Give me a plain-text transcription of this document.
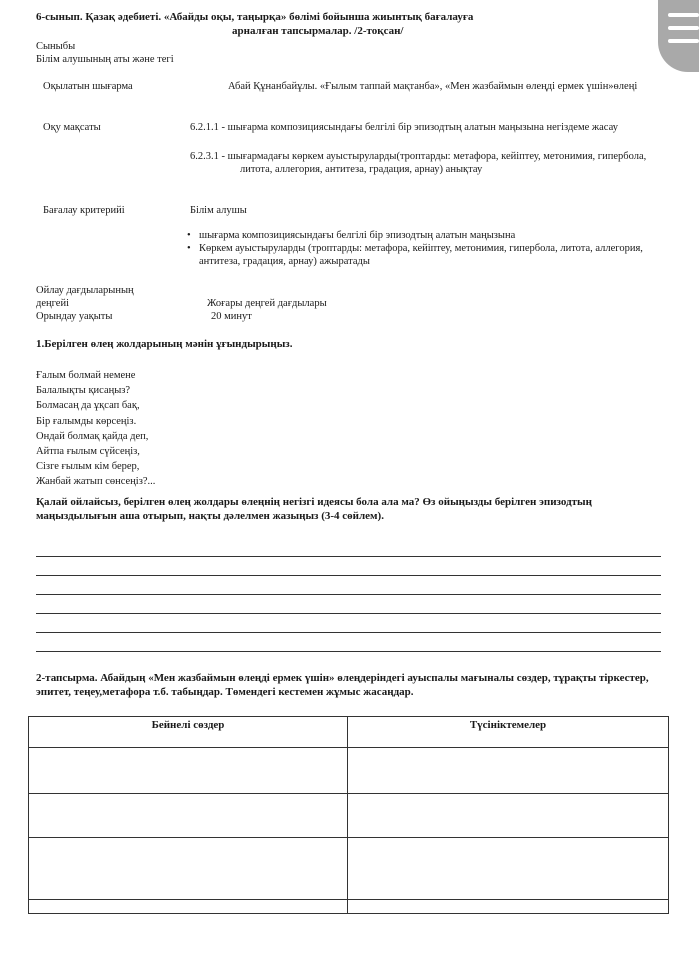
6-сынып. Қазақ әдебиеті. «Абайды оқы, таңырқа» бөлімі бойынша жиынтық бағалауға
арналған тапсырмалар. /2-тоқсан/
Сыныбы
Білім алушының аты және тегі
Оқылатын шығарма	Абай Құнанбайұлы. «Ғылым таппай мақтанба», «Мен жазбаймын өлеңді ермек үшін»өлеңі
Оқу мақсаты	6.2.1.1 - шығарма композициясындағы белгілі бір эпизодтың алатын маңызына негіздеме жасау
6.2.3.1 - шығармадағы көркем ауыстыруларды(троптарды: метафора, кейіптеу, метонимия, гипербола, литота, аллегория, антитеза, градация, арнау) анықтау
Бағалау критерийі	Білім алушы
• шығарма композициясындағы белгілі бір эпизодтың алатын маңызына
• Көркем ауыстыруларды (троптарды: метафора, кейіптеу, метонимия, гипербола, литота, аллегория, антитеза, градация, арнау) ажыратады
Ойлау дағдыларының
деңгейі	Жоғары деңгей дағдылары
Орындау уақыты	20 минут
1.Берілген өлең жолдарының мәнін ұғындырыңыз.
Ғалым болмай немене
Балалықты қисаңыз?
Болмасаң да ұқсап бақ,
Бір ғалымды көрсеңіз.
Ондай болмақ қайда деп,
Айтпа ғылым сүйсеңіз,
Сізге ғылым кім берер,
Жанбай жатып сөнсеңіз?...
Қалай ойлайсыз, берілген өлең жолдары өлеңнің негізгі идеясы бола ала ма? Өз ойыңызды берілген эпизодтың маңыздылығын аша отырып, нақты дәлелмен жазыңыз (3-4 сөйлем).
2-тапсырма. Абайдың «Мен жазбаймын өлеңді ермек үшін» өлеңдеріндегі ауыспалы мағыналы сөздер, тұрақты тіркестер, эпитет, теңеу,метафора т.б. табыңдар. Төмендегі кестемен жұмыс жасаңдар.
Бейнелі сөздер	Түсініктемелер
